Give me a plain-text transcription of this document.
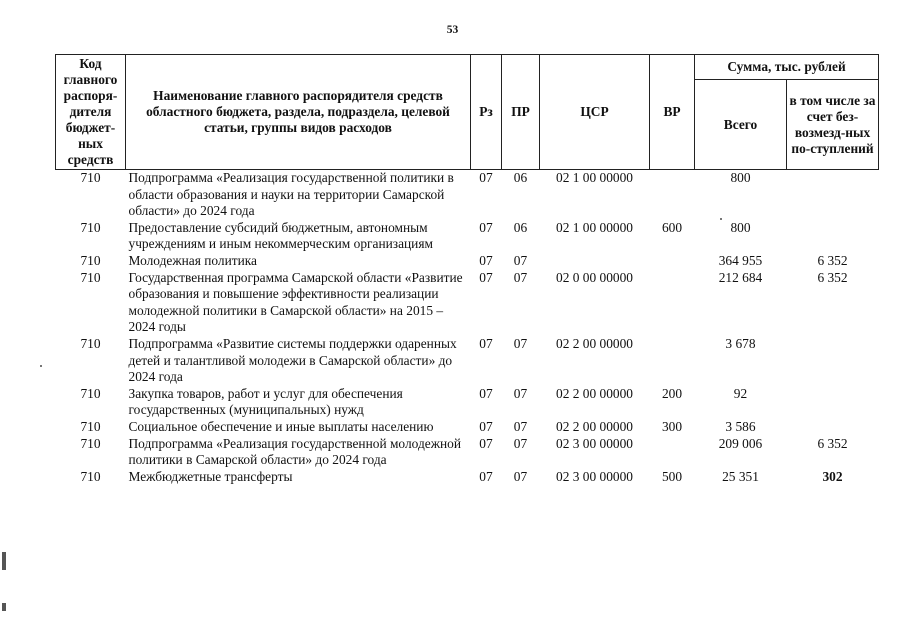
53
Код главного распоря-дителя бюджет-ных средств	Наименование главного распорядителя средств областного бюджета, раздела, подраздела, целевой статьи, группы видов расходов	Рз	ПР	ЦСР	ВР	Сумма, тыс. рублей	
						Всего	в том числе за счет без-возмезд-ных по-ступлений
710	Подпрограмма «Реализация государственной политики в области образования и науки на территории Самарской области» до 2024 года	07	06	02 1 00 00000		800	
710	Предоставление субсидий бюджетным, автономным учреждениям и иным некоммерческим организациям	07	06	02 1 00 00000	600	800	
710	Молодежная политика	07	07			364 955	6 352
710	Государственная программа Самарской области «Развитие образования и повышение эффективности реализации молодежной политики в Самарской области» на 2015 – 2024 годы	07	07	02 0 00 00000		212 684	6 352
710	Подпрограмма «Развитие системы поддержки одаренных детей и талантливой молодежи в Самарской области» до 2024 года	07	07	02 2 00 00000		3 678	
710	Закупка товаров, работ и услуг для обеспечения государственных (муниципальных) нужд	07	07	02 2 00 00000	200	92	
710	Социальное обеспечение и иные выплаты населению	07	07	02 2 00 00000	300	3 586	
710	Подпрограмма «Реализация государственной молодежной политики в Самарской области» до 2024 года	07	07	02 3 00 00000		209 006	6 352
710	Межбюджетные трансферты	07	07	02 3 00 00000	500	25 351	302
